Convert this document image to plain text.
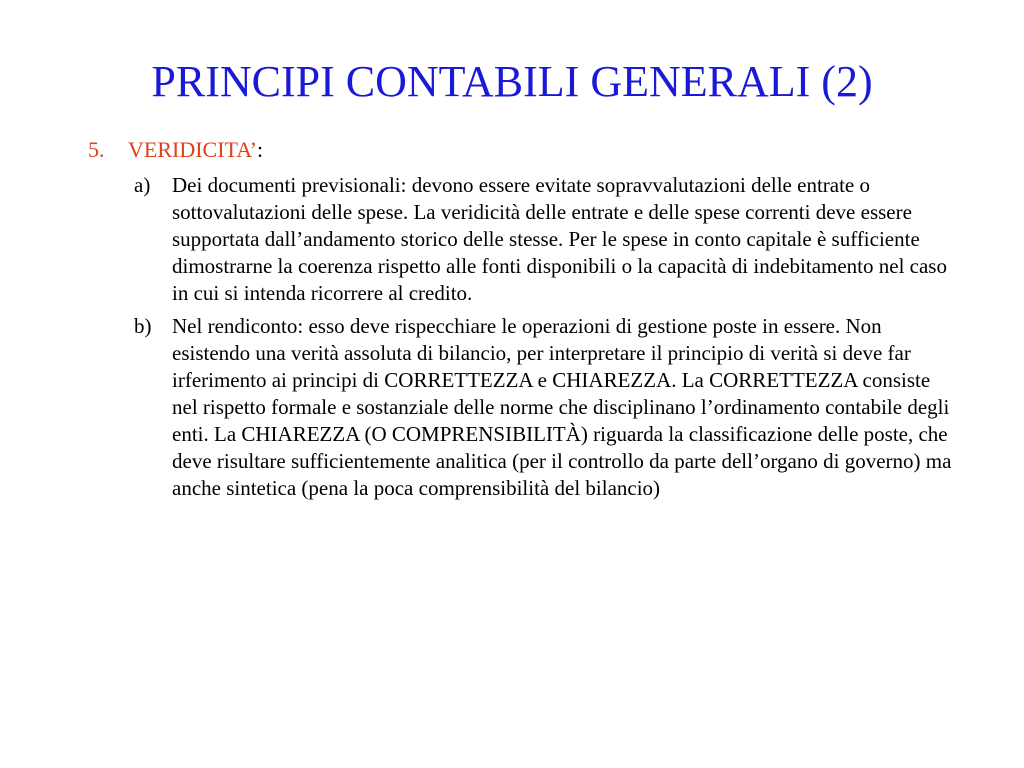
PRINCIPI CONTABILI GENERALI (2)
5. VERIDICITA’:
a)	Dei documenti previsionali: devono essere evitate sopravvalutazioni delle entrate o sottovalutazioni delle spese. La veridicità delle entrate e delle spese correnti deve essere supportata dall’andamento storico delle stesse. Per le spese in conto capitale è sufficiente dimostrarne la coerenza rispetto alle fonti disponibili o la capacità di indebitamento nel caso in cui si intenda ricorrere al credito.
b) Nel rendiconto: esso deve rispecchiare le operazioni di gestione poste in essere. Non esistendo una verità assoluta di bilancio, per interpretare il principio di verità si deve far irferimento ai principi di CORRETTEZZA e CHIAREZZA. La CORRETTEZZA consiste nel rispetto formale e sostanziale delle norme che disciplinano l’ordinamento contabile degli enti. La CHIAREZZA (O COMPRENSIBILITÀ) riguarda la classificazione delle poste, che deve risultare sufficientemente analitica (per il controllo da parte dell’organo di governo) ma anche sintetica (pena la poca comprensibilità del bilancio)
